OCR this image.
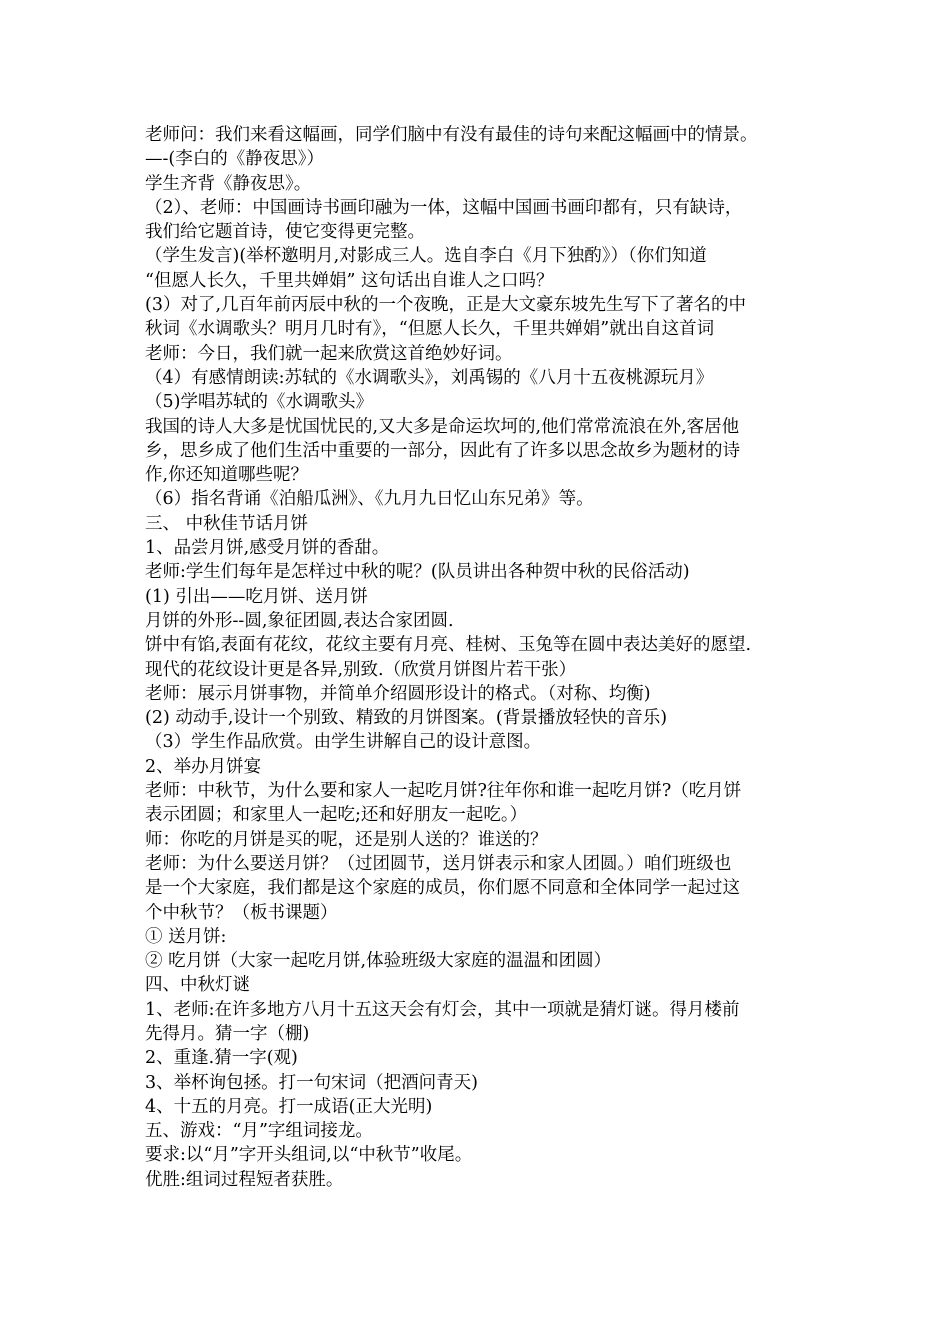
老师问：我们来看这幅画，同学们脑中有没有最佳的诗句来配这幅画中的情景。
—-(李白的《静夜思》）
学生齐背《静夜思》。
（2）、老师：中国画诗书画印融为一体，这幅中国画书画印都有，只有缺诗，
我们给它题首诗，使它变得更完整。
（学生发言)(举杯邀明月,对影成三人。选自李白《月下独酌》）（你们知道
“但愿人长久，千里共婵娟” 这句话出自谁人之口吗？
(3）对了,几百年前丙辰中秋的一个夜晚，正是大文豪东坡先生写下了著名的中
秋词《水调歌头？明月几时有》，“但愿人长久，千里共婵娟”就出自这首词
老师：今日，我们就一起来欣赏这首绝妙好词。
（4）有感情朗读:苏轼的《水调歌头》，刘禹锡的《八月十五夜桃源玩月》
（5)学唱苏轼的《水调歌头》
我国的诗人大多是忧国忧民的,又大多是命运坎坷的,他们常常流浪在外,客居他
乡，思乡成了他们生活中重要的一部分，因此有了许多以思念故乡为题材的诗
作,你还知道哪些呢？
（6）指名背诵《泊船瓜洲》、《九月九日忆山东兄弟》等。
三、 中秋佳节话月饼
1、品尝月饼,感受月饼的香甜。
老师:学生们每年是怎样过中秋的呢？(队员讲出各种贺中秋的民俗活动)
(1) 引出——吃月饼、送月饼
月饼的外形--圆,象征团圆,表达合家团圆.
饼中有馅,表面有花纹，花纹主要有月亮、桂树、玉兔等在圆中表达美好的愿望.
现代的花纹设计更是各异,别致.（欣赏月饼图片若干张）
老师：展示月饼事物，并简单介绍圆形设计的格式。（对称、均衡)
(2) 动动手,设计一个别致、精致的月饼图案。(背景播放轻快的音乐)
（3）学生作品欣赏。由学生讲解自己的设计意图。
2、举办月饼宴
老师：中秋节，为什么要和家人一起吃月饼?往年你和谁一起吃月饼?（吃月饼
表示团圆；和家里人一起吃;还和好朋友一起吃。）
师：你吃的月饼是买的呢，还是别人送的？谁送的？
老师：为什么要送月饼？（过团圆节，送月饼表示和家人团圆。）咱们班级也
是一个大家庭，我们都是这个家庭的成员，你们愿不同意和全体同学一起过这
个中秋节？（板书课题）
① 送月饼:
② 吃月饼（大家一起吃月饼,体验班级大家庭的温温和团圆）
四、中秋灯谜
1、老师:在许多地方八月十五这天会有灯会，其中一项就是猜灯谜。得月楼前
先得月。猜一字（棚)
2、重逢.猜一字(观)
3、举杯询包拯。打一句宋词（把酒问青天)
4、十五的月亮。打一成语(正大光明)
五、游戏：“月”字组词接龙。
要求:以“月”字开头组词,以“中秋节”收尾。
优胜:组词过程短者获胜。
